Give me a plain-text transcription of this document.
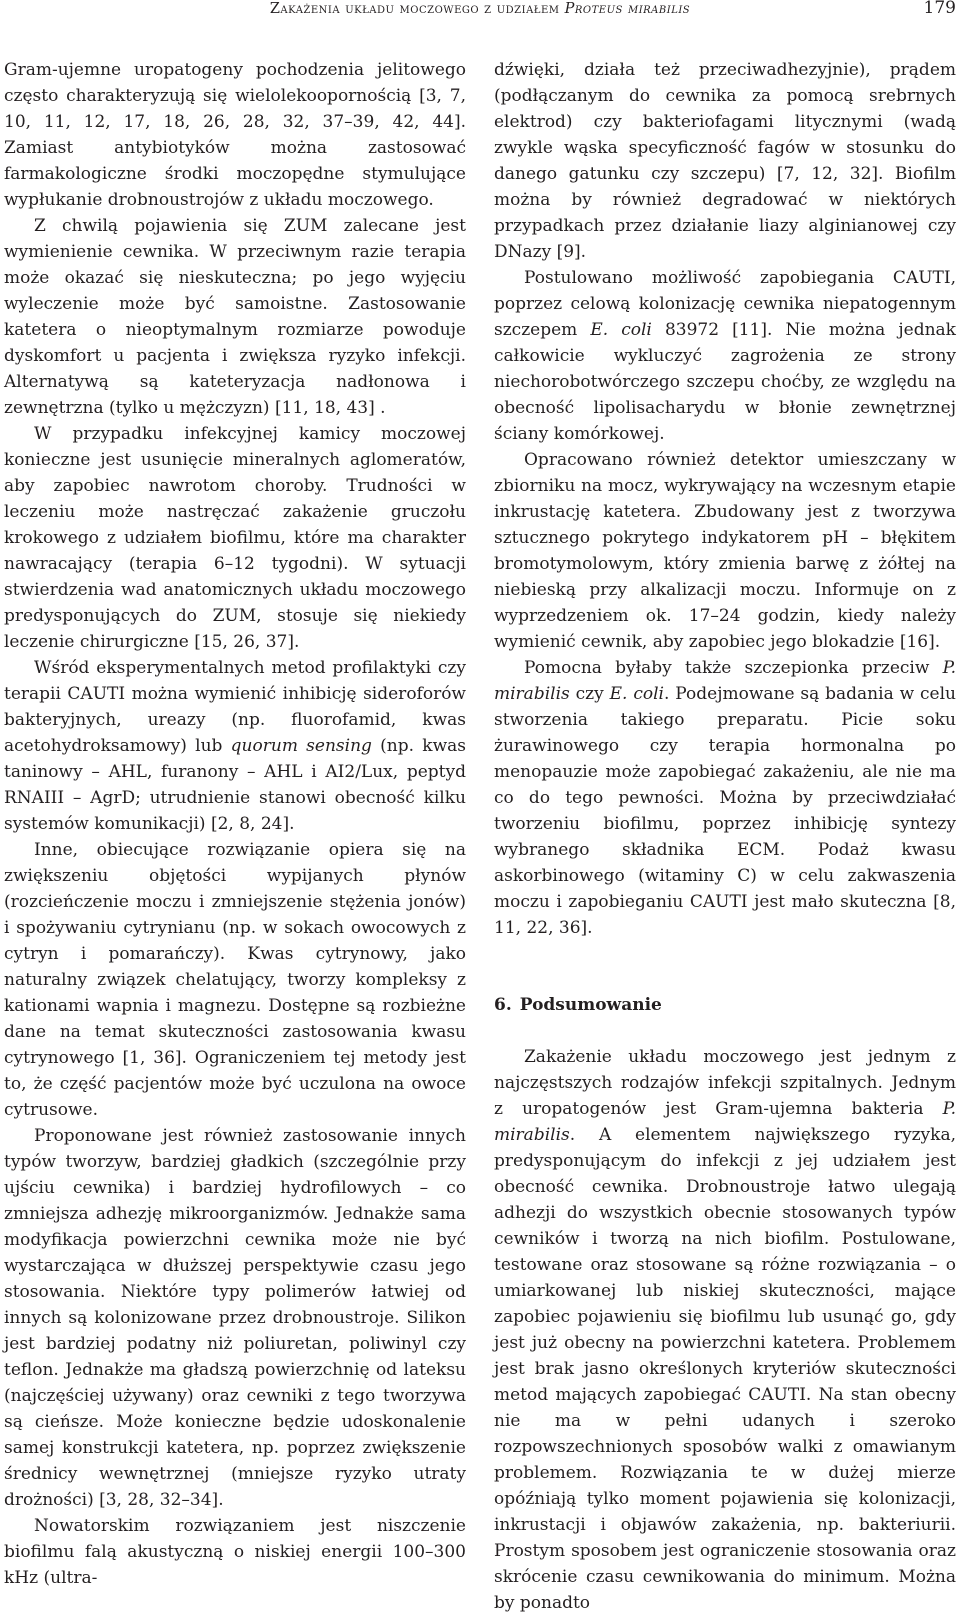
Zakażenia układu moczowego z udziałem Proteus mirabilis	179

Gram-ujemne uropatogeny pochodzenia jelitowego często charakteryzują się wielolekoopornością [3, 7, 10, 11, 12, 17, 18, 26, 28, 32, 37–39, 42, 44]. Zamiast antybiotyków można zastosować farmakologiczne środki moczopędne stymulujące wypłukanie drobnoustrojów z układu moczowego.

Z chwilą pojawienia się ZUM zalecane jest wymienienie cewnika. W przeciwnym razie terapia może okazać się nieskuteczna; po jego wyjęciu wyleczenie może być samoistne. Zastosowanie katetera o nieoptymalnym rozmiarze powoduje dyskomfort u pacjenta i zwiększa ryzyko infekcji. Alternatywą są kateteryzacja nadłonowa i zewnętrzna (tylko u mężczyzn) [11, 18, 43] .

W przypadku infekcyjnej kamicy moczowej konieczne jest usunięcie mineralnych aglomeratów, aby zapobiec nawrotom choroby. Trudności w leczeniu może nastręczać zakażenie gruczołu krokowego z udziałem biofilmu, które ma charakter nawracający (terapia 6–12 tygodni). W sytuacji stwierdzenia wad anatomicznych układu moczowego predysponujących do ZUM, stosuje się niekiedy leczenie chirurgiczne [15, 26, 37].

Wśród eksperymentalnych metod profilaktyki czy terapii CAUTI można wymienić inhibicję sideroforów bakteryjnych, ureazy (np. fluorofamid, kwas acetohydroksamowy) lub quorum sensing (np. kwas taninowy – AHL, furanony – AHL i AI2/Lux, peptyd RNAIII – AgrD; utrudnienie stanowi obecność kilku systemów komunikacji) [2, 8, 24].

Inne, obiecujące rozwiązanie opiera się na zwiększeniu objętości wypijanych płynów (rozcieńczenie moczu i zmniejszenie stężenia jonów) i spożywaniu cytrynianu (np. w sokach owocowych z cytryn i pomarańczy). Kwas cytrynowy, jako naturalny związek chelatujący, tworzy kompleksy z kationami wapnia i magnezu. Dostępne są rozbieżne dane na temat skuteczności zastosowania kwasu cytrynowego [1, 36]. Ograniczeniem tej metody jest to, że część pacjentów może być uczulona na owoce cytrusowe.

Proponowane jest również zastosowanie innych typów tworzyw, bardziej gładkich (szczególnie przy ujściu cewnika) i bardziej hydrofilowych – co zmniejsza adhezję mikroorganizmów. Jednakże sama modyfikacja powierzchni cewnika może nie być wystarczająca w dłuższej perspektywie czasu jego stosowania. Niektóre typy polimerów łatwiej od innych są kolonizowane przez drobnoustroje. Silikon jest bardziej podatny niż poliuretan, poliwinyl czy teflon. Jednakże ma gładszą powierzchnię od lateksu (najczęściej używany) oraz cewniki z tego tworzywa są cieńsze. Może konieczne będzie udoskonalenie samej konstrukcji katetera, np. poprzez zwiększenie średnicy wewnętrznej (mniejsze ryzyko utraty drożności) [3, 28, 32–34].

Nowatorskim rozwiązaniem jest niszczenie biofilmu falą akustyczną o niskiej energii 100–300 kHz (ultra-

dźwięki, działa też przeciwadhezyjnie), prądem (podłączanym do cewnika za pomocą srebrnych elektrod) czy bakteriofagami litycznymi (wadą zwykle wąska specyficzność fagów w stosunku do danego gatunku czy szczepu) [7, 12, 32]. Biofilm można by również degradować w niektórych przypadkach przez działanie liazy alginianowej czy DNazy [9].

Postulowano możliwość zapobiegania CAUTI, poprzez celową kolonizację cewnika niepatogennym szczepem E. coli 83972 [11]. Nie można jednak całkowicie wykluczyć zagrożenia ze strony niechorobotwórczego szczepu choćby, ze względu na obecność lipolisacharydu w błonie zewnętrznej ściany komórkowej.

Opracowano również detektor umieszczany w zbiorniku na mocz, wykrywający na wczesnym etapie inkrustację katetera. Zbudowany jest z tworzywa sztucznego pokrytego indykatorem pH – błękitem bromotymolowym, który zmienia barwę z żółtej na niebieską przy alkalizacji moczu. Informuje on z wyprzedzeniem ok. 17–24 godzin, kiedy należy wymienić cewnik, aby zapobiec jego blokadzie [16].

Pomocna byłaby także szczepionka przeciw P. mirabilis czy E. coli. Podejmowane są badania w celu stworzenia takiego preparatu. Picie soku żurawinowego czy terapia hormonalna po menopauzie może zapobiegać zakażeniu, ale nie ma co do tego pewności. Można by przeciwdziałać tworzeniu biofilmu, poprzez inhibicję syntezy wybranego składnika ECM. Podaż kwasu askorbinowego (witaminy C) w celu zakwaszenia moczu i zapobieganiu CAUTI jest mało skuteczna [8, 11, 22, 36].

6. Podsumowanie

Zakażenie układu moczowego jest jednym z najczęstszych rodzajów infekcji szpitalnych. Jednym z uropatogenów jest Gram-ujemna bakteria P. mirabilis. A elementem największego ryzyka, predysponującym do infekcji z jej udziałem jest obecność cewnika. Drobnoustroje łatwo ulegają adhezji do wszystkich obecnie stosowanych typów cewników i tworzą na nich biofilm. Postulowane, testowane oraz stosowane są różne rozwiązania – o umiarkowanej lub niskiej skuteczności, mające zapobiec pojawieniu się biofilmu lub usunąć go, gdy jest już obecny na powierzchni katetera. Problemem jest brak jasno określonych kryteriów skuteczności metod mających zapobiegać CAUTI. Na stan obecny nie ma w pełni udanych i szeroko rozpowszechnionych sposobów walki z omawianym problemem. Rozwiązania te w dużej mierze opóźniają tylko moment pojawienia się kolonizacji, inkrustacji i objawów zakażenia, np. bakteriurii. Prostym sposobem jest ograniczenie stosowania oraz skrócenie czasu cewnikowania do minimum. Można by ponadto
